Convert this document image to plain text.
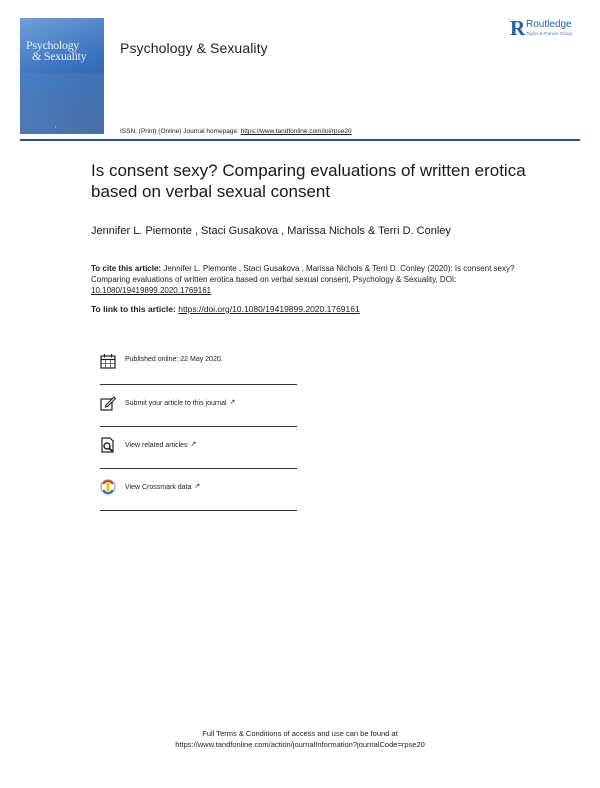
Psychology
& Sexuality
▪
Psychology & Sexuality
R Routledge
Taylor & Francis Group
ISSN: (Print) (Online) Journal homepage: https://www.tandfonline.com/loi/rpse20
Is consent sexy? Comparing evaluations of written erotica based on verbal sexual consent
Jennifer L. Piemonte , Staci Gusakova , Marissa Nichols & Terri D. Conley
To cite this article: Jennifer L. Piemonte , Staci Gusakova , Marissa Nichols & Terri D. Conley (2020): Is consent sexy? Comparing evaluations of written erotica based on verbal sexual consent, Psychology & Sexuality, DOI: 10.1080/19419899.2020.1769161
To link to this article: https://doi.org/10.1080/19419899.2020.1769161
Published online: 22 May 2020.
Submit your article to this journal ↗
View related articles ↗
View Crossmark data ↗
Full Terms & Conditions of access and use can be found at
https://www.tandfonline.com/action/journalInformation?journalCode=rpse20
